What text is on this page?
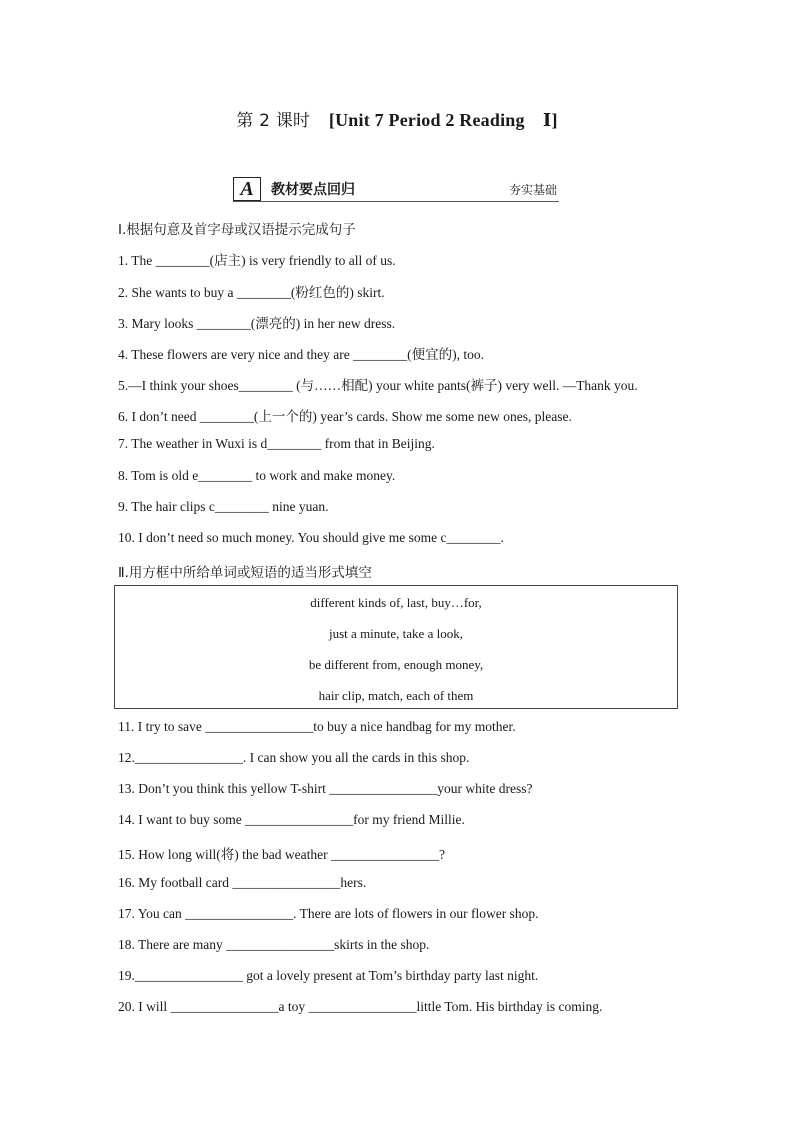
第 2 课时 [Unit 7 Period 2 Reading　Ⅰ]
A	教材要点回归	夯实基础
Ⅰ.根据句意及首字母或汉语提示完成句子
1. The ________(店主) is very friendly to all of us.
2. She wants to buy a ________(粉红色的) skirt.
3. Mary looks ________(漂亮的) in her new dress.
4. These flowers are very nice and they are ________(便宜的), too.
5.—I think your shoes________ (与……相配) your white pants(裤子) very well. —Thank you.
6. I don’t need ________(上一个的) year’s cards. Show me some new ones, please.
7. The weather in Wuxi is d________ from that in Beijing.
8. Tom is old e________ to work and make money.
9. The hair clips c________ nine yuan.
10. I don’t need so much money. You should give me some c________.
Ⅱ.用方框中所给单词或短语的适当形式填空
different kinds of, last, buy…for,
just a minute, take a look,
be different from, enough money,
hair clip, match, each of them
11. I try to save ________________to buy a nice handbag for my mother.
12.________________. I can show you all the cards in this shop.
13. Don’t you think this yellow T-shirt ________________your white dress?
14. I want to buy some ________________for my friend Millie.
15. How long will(将) the bad weather ________________?
16. My football card ________________hers.
17. You can ________________. There are lots of flowers in our flower shop.
18. There are many ________________skirts in the shop.
19.________________ got a lovely present at Tom’s birthday party last night.
20. I will ________________a toy ________________little Tom. His birthday is coming.
